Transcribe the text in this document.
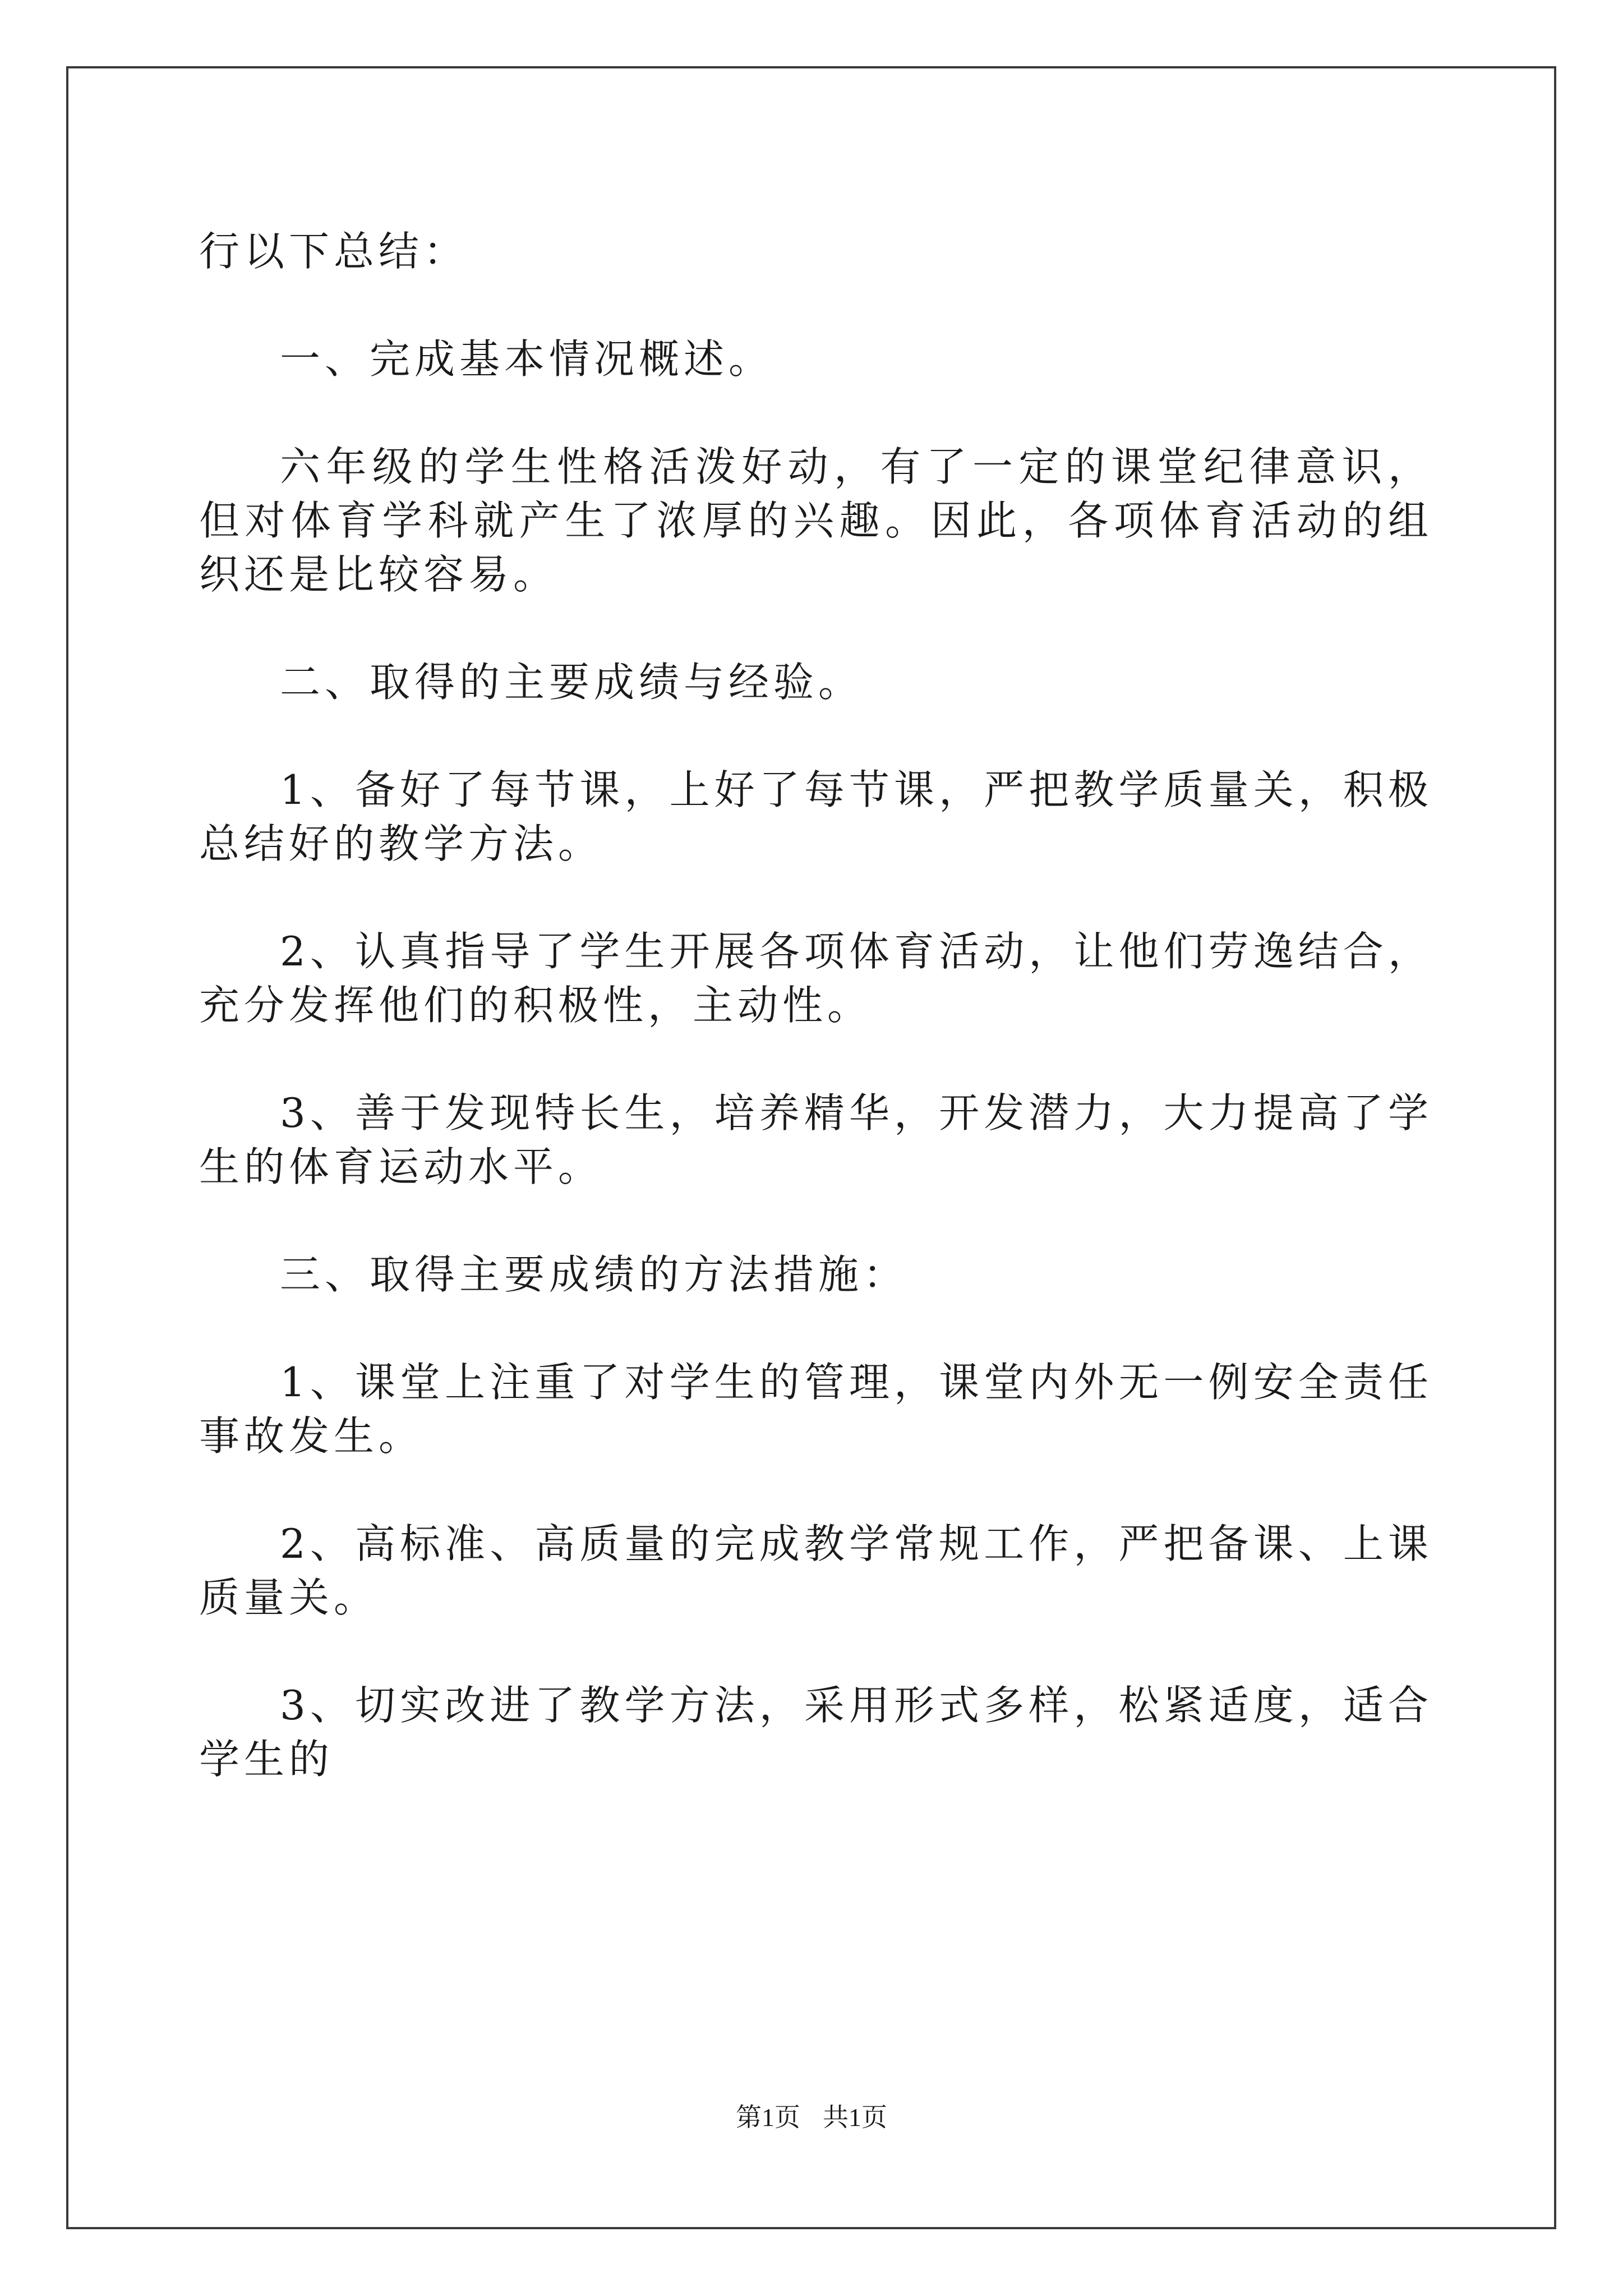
行以下总结：

一、完成基本情况概述。

六年级的学生性格活泼好动，有了一定的课堂纪律意识，但对体育学科就产生了浓厚的兴趣。因此，各项体育活动的组织还是比较容易。

二、取得的主要成绩与经验。

1、备好了每节课，上好了每节课，严把教学质量关，积极总结好的教学方法。

2、认真指导了学生开展各项体育活动，让他们劳逸结合，充分发挥他们的积极性，主动性。

3、善于发现特长生，培养精华，开发潜力，大力提高了学生的体育运动水平。

三、取得主要成绩的方法措施：

1、课堂上注重了对学生的管理，课堂内外无一例安全责任事故发生。

2、高标准、高质量的完成教学常规工作，严把备课、上课质量关。

3、切实改进了教学方法，采用形式多样，松紧适度，适合学生的

第1页 共1页
